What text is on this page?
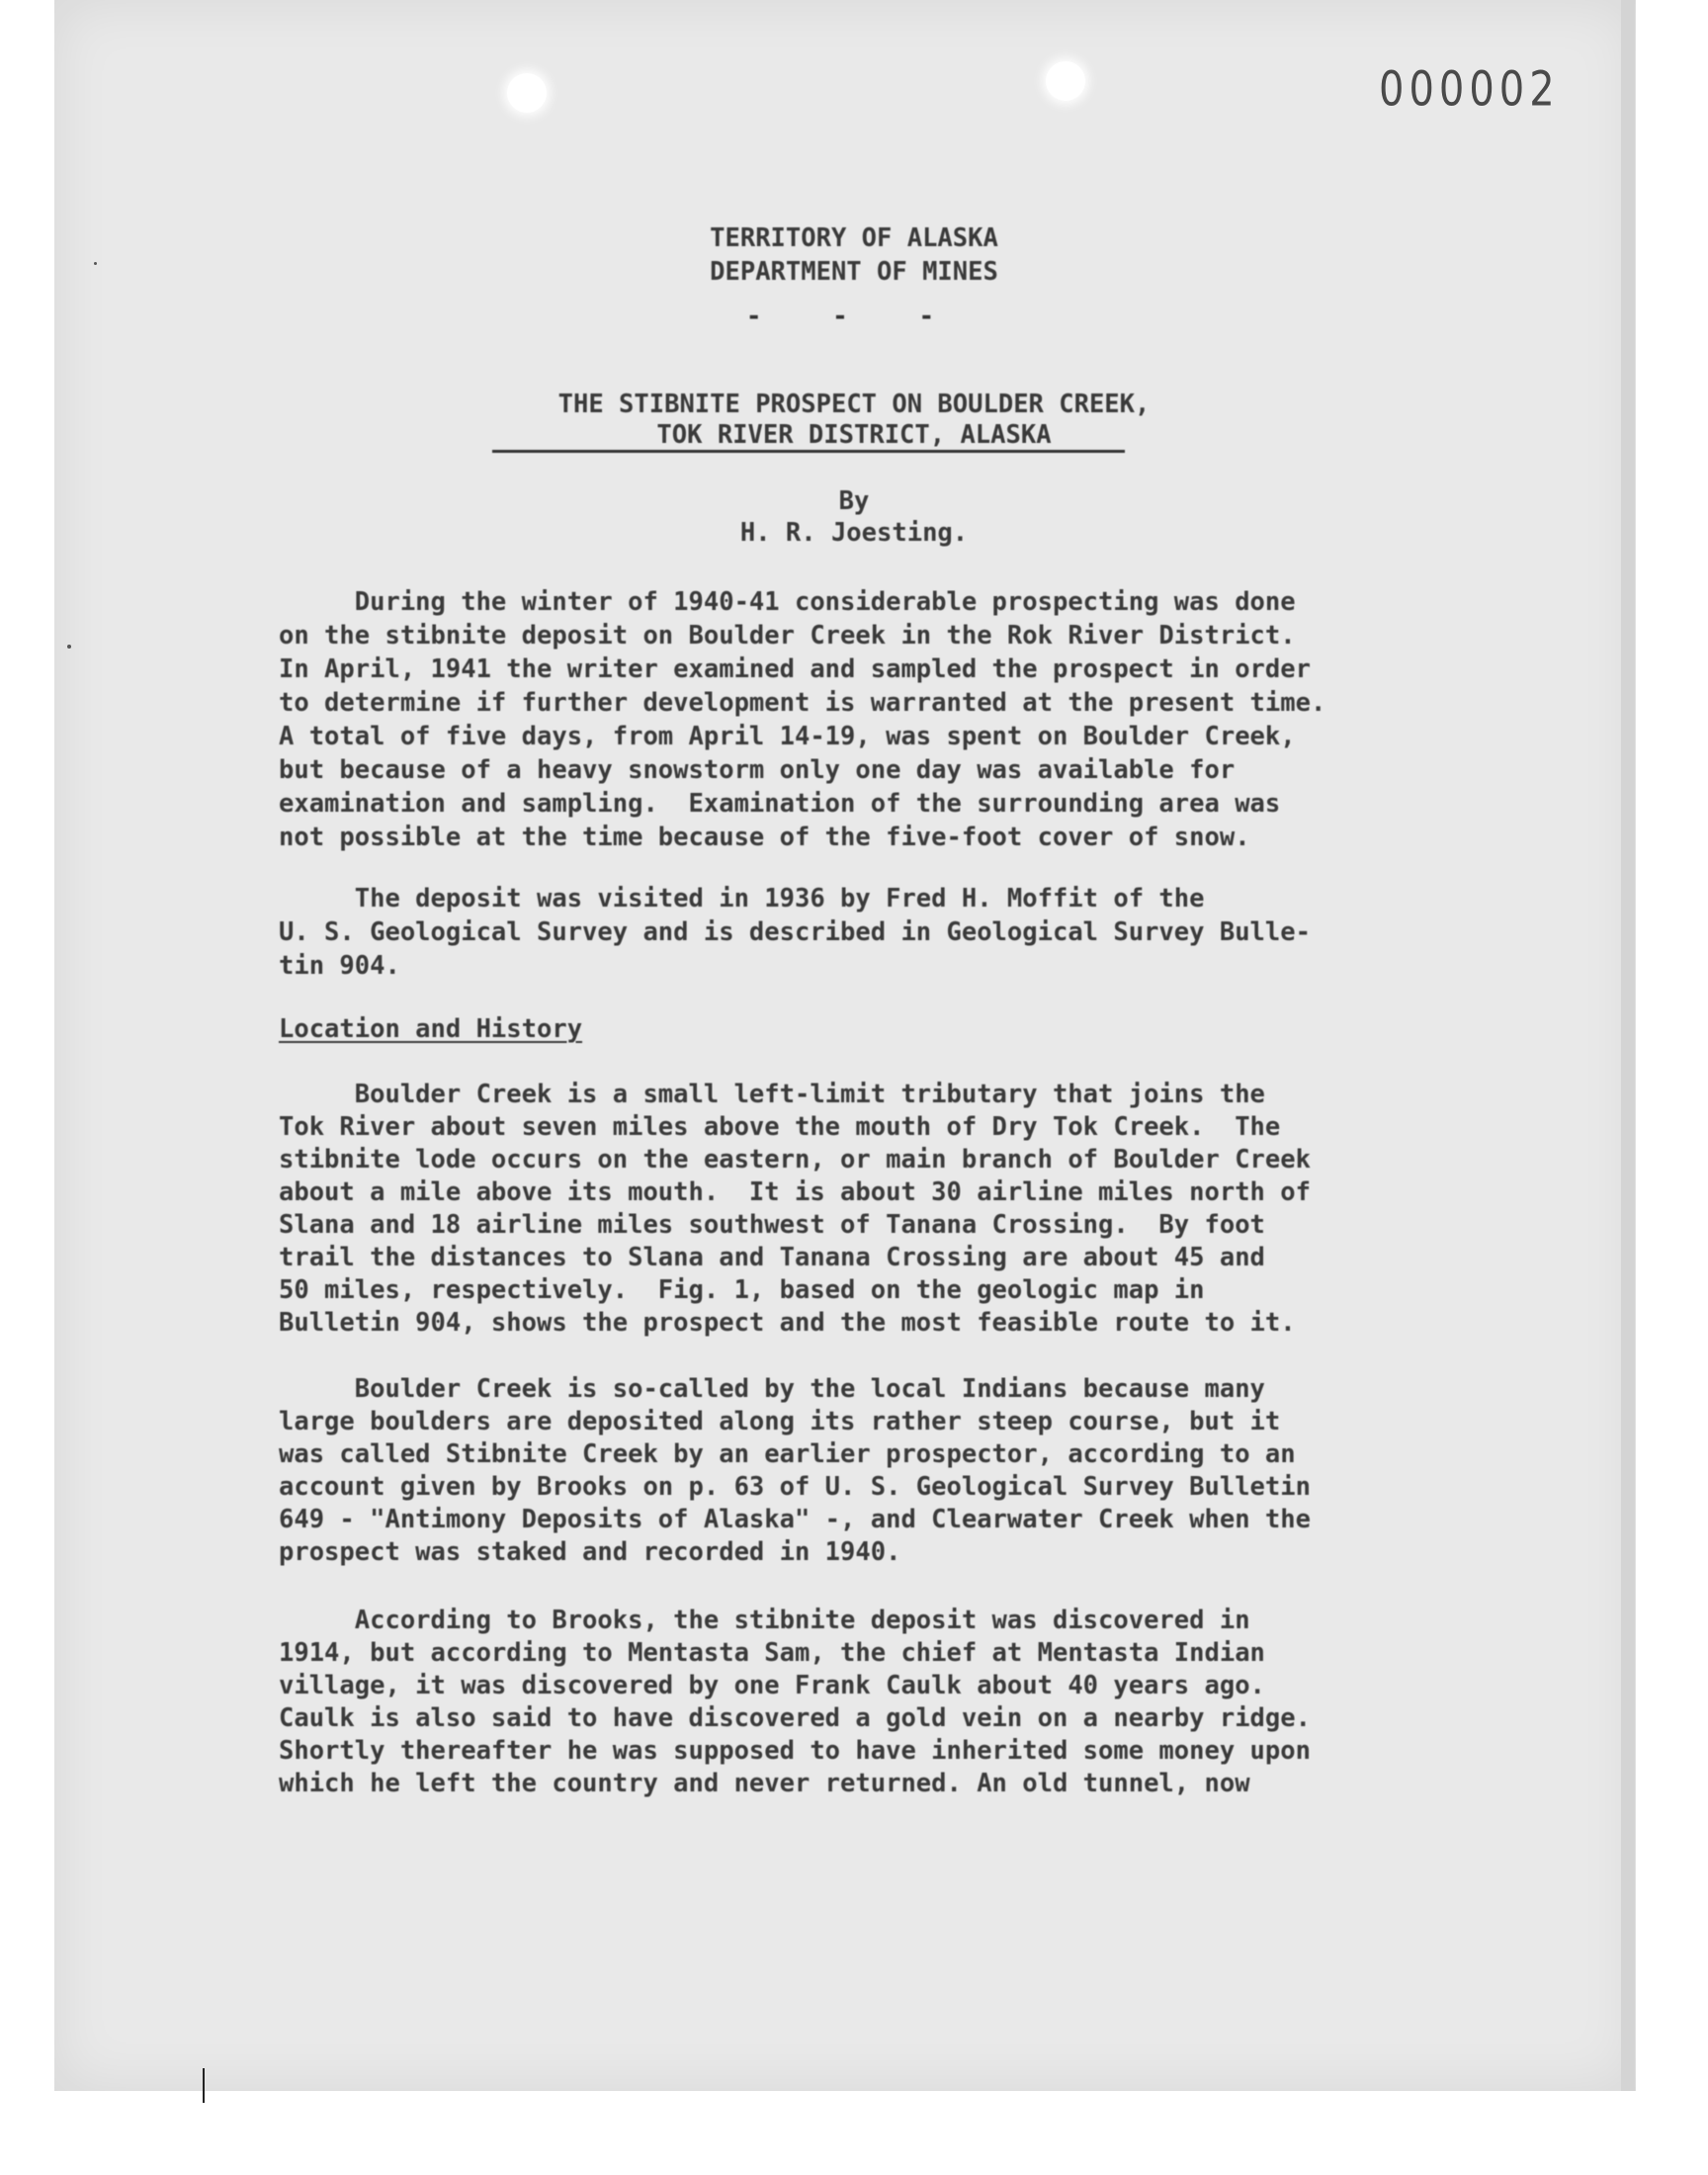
000002
TERRITORY OF ALASKA
DEPARTMENT OF MINES
- - -
THE STIBNITE PROSPECT ON BOULDER CREEK,
TOK RIVER DISTRICT, ALASKA
By
H. R. Joesting.
During the winter of 1940-41 considerable prospecting was done
on the stibnite deposit on Boulder Creek in the Rok River District.
In April, 1941 the writer examined and sampled the prospect in order
to determine if further development is warranted at the present time.
A total of five days, from April 14-19, was spent on Boulder Creek,
but because of a heavy snowstorm only one day was available for
examination and sampling.  Examination of the surrounding area was
not possible at the time because of the five-foot cover of snow.
The deposit was visited in 1936 by Fred H. Moffit of the
U. S. Geological Survey and is described in Geological Survey Bulle-
tin 904.
Location and History
Boulder Creek is a small left-limit tributary that joins the
Tok River about seven miles above the mouth of Dry Tok Creek.  The
stibnite lode occurs on the eastern, or main branch of Boulder Creek
about a mile above its mouth.  It is about 30 airline miles north of
Slana and 18 airline miles southwest of Tanana Crossing.  By foot
trail the distances to Slana and Tanana Crossing are about 45 and
50 miles, respectively.  Fig. 1, based on the geologic map in
Bulletin 904, shows the prospect and the most feasible route to it.
Boulder Creek is so-called by the local Indians because many
large boulders are deposited along its rather steep course, but it
was called Stibnite Creek by an earlier prospector, according to an
account given by Brooks on p. 63 of U. S. Geological Survey Bulletin
649 - "Antimony Deposits of Alaska" -, and Clearwater Creek when the
prospect was staked and recorded in 1940.
According to Brooks, the stibnite deposit was discovered in
1914, but according to Mentasta Sam, the chief at Mentasta Indian
village, it was discovered by one Frank Caulk about 40 years ago.
Caulk is also said to have discovered a gold vein on a nearby ridge.
Shortly thereafter he was supposed to have inherited some money upon
which he left the country and never returned. An old tunnel, now
